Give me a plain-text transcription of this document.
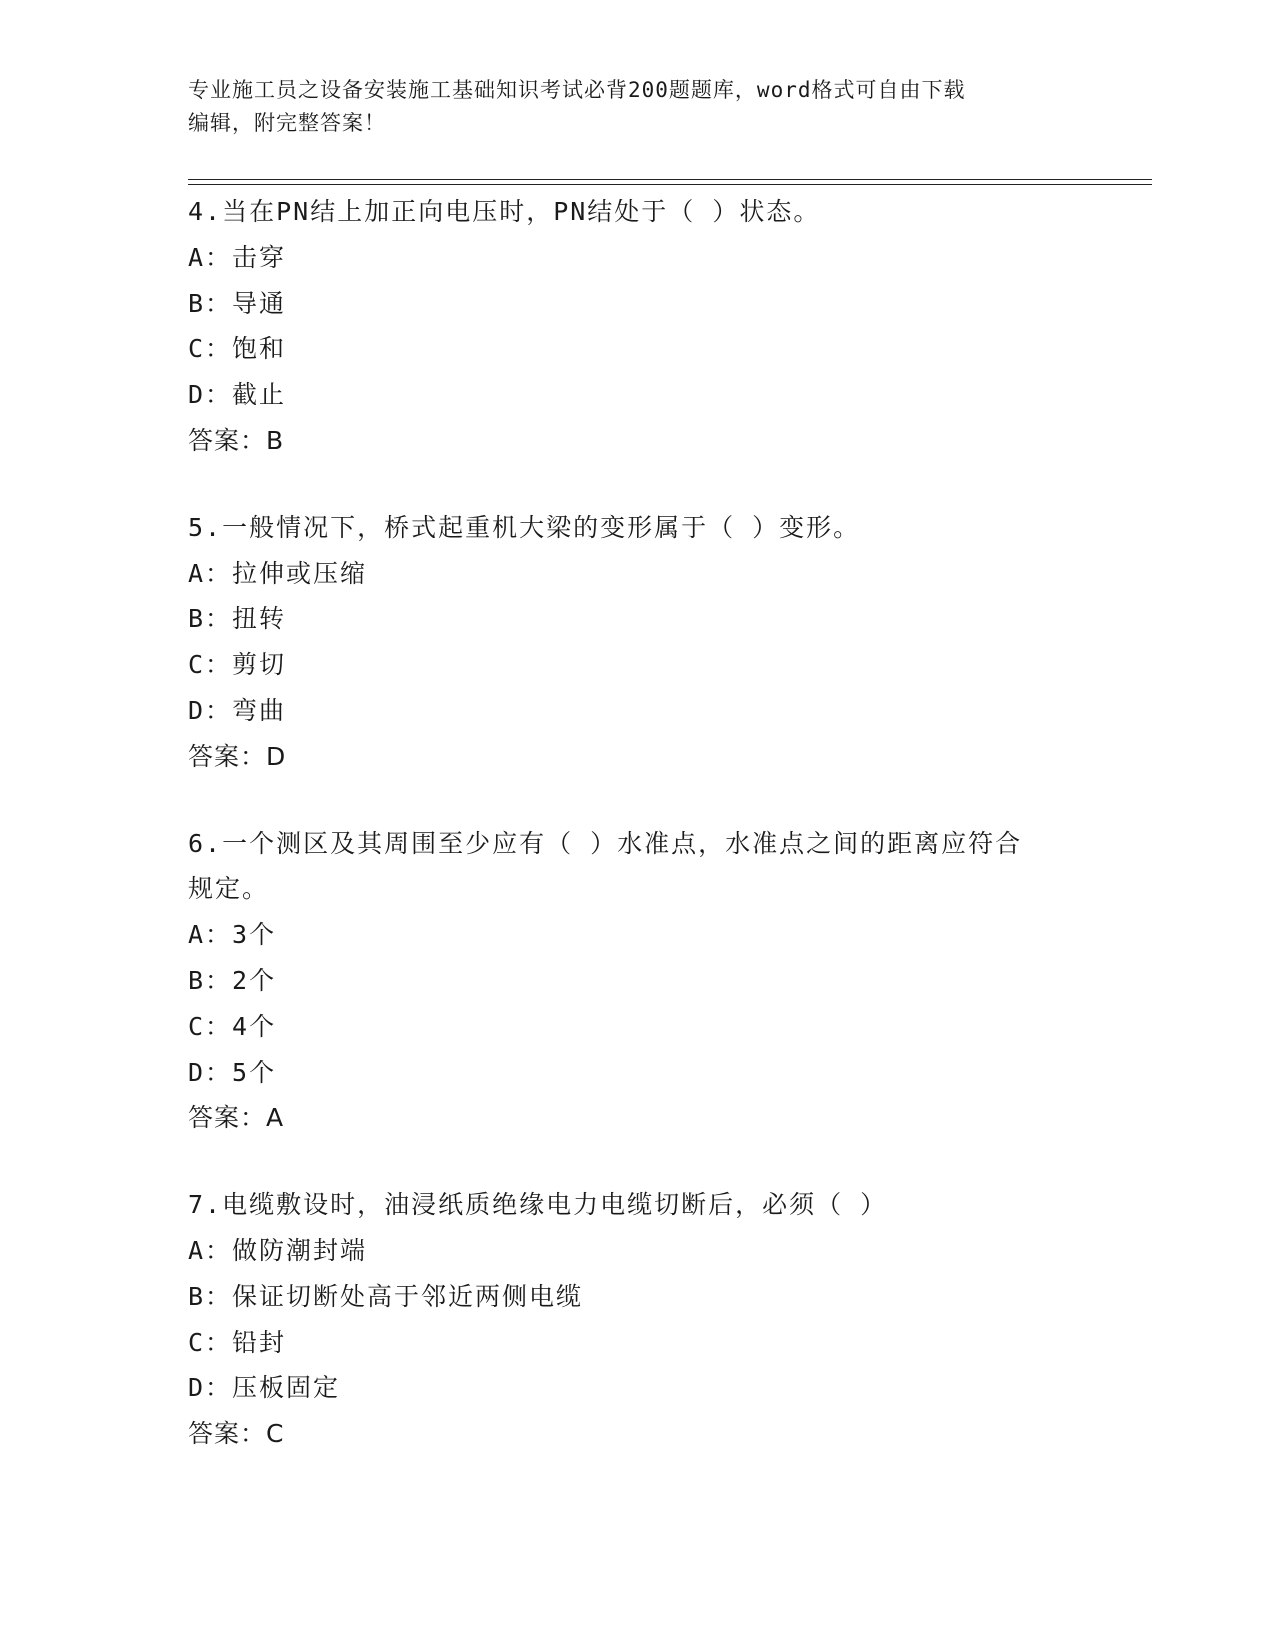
专业施工员之设备安装施工基础知识考试必背200题题库，word格式可自由下载
编辑，附完整答案！
4.当在PN结上加正向电压时，PN结处于（ ）状态。
A：击穿
B：导通
C：饱和
D：截止
答案：B
5.一般情况下，桥式起重机大梁的变形属于（ ）变形。
A：拉伸或压缩
B：扭转
C：剪切
D：弯曲
答案：D
6.一个测区及其周围至少应有（ ）水准点，水准点之间的距离应符合
规定。
A：3个
B：2个
C：4个
D：5个
答案：A
7.电缆敷设时，油浸纸质绝缘电力电缆切断后，必须（ ）
A：做防潮封端
B：保证切断处高于邻近两侧电缆
C：铅封
D：压板固定
答案：C
